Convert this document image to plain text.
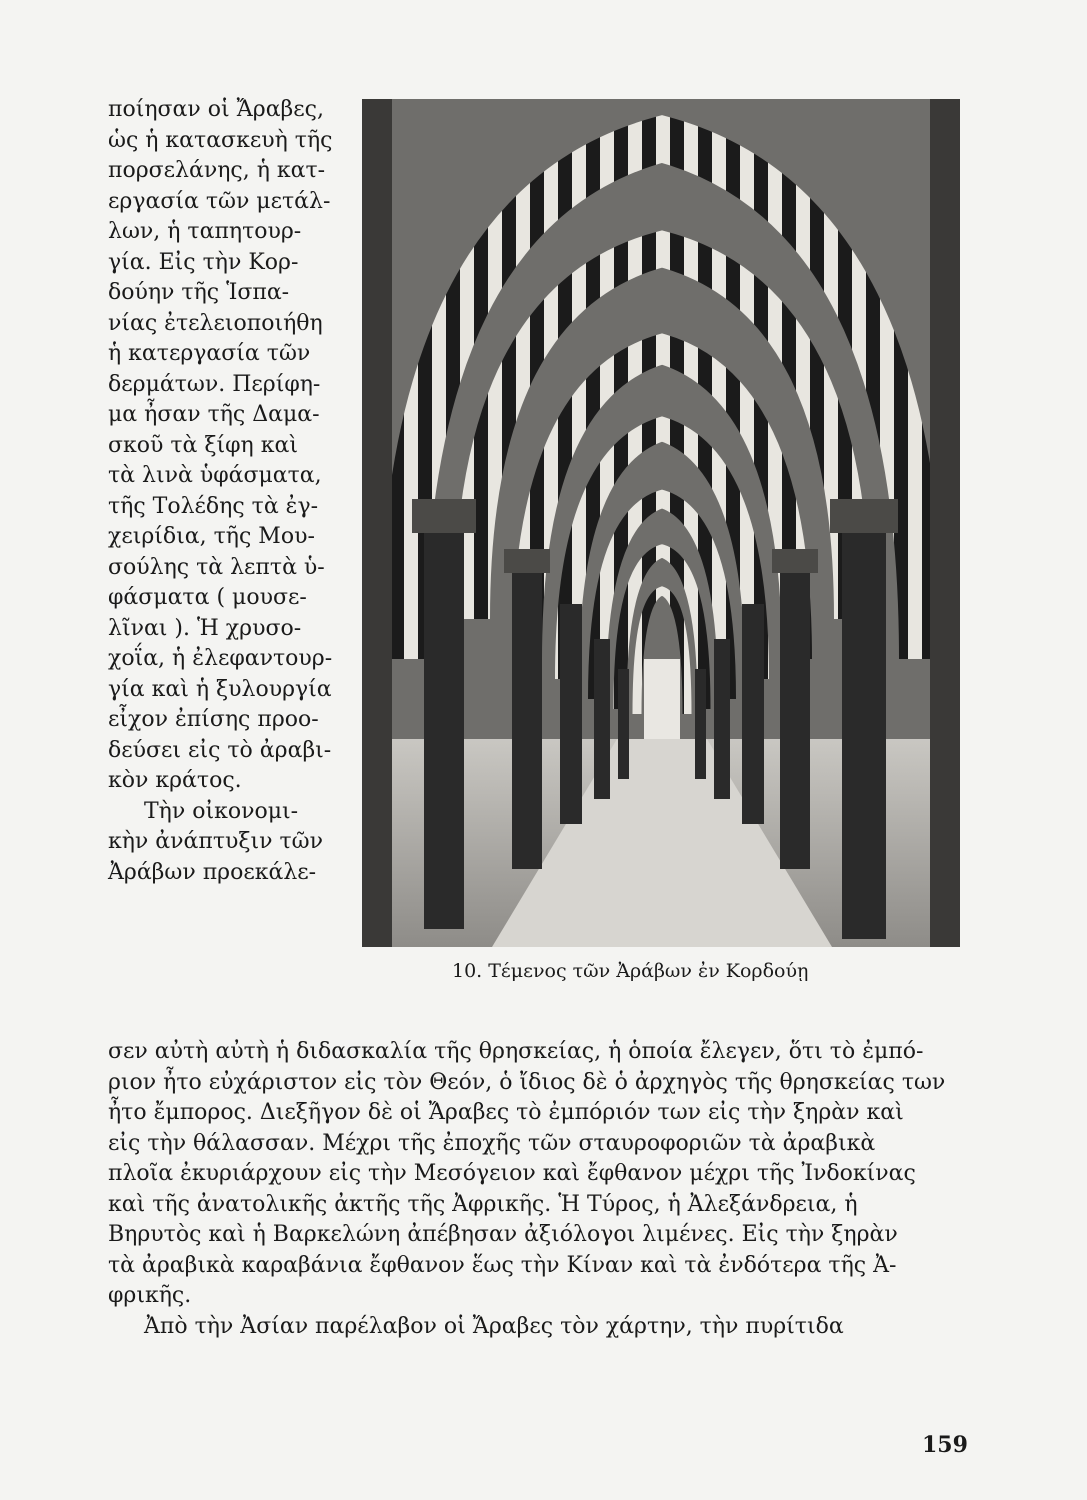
ποίησαν οἱ Ἄραβες,
ὡς ἡ κατασκευὴ τῆς
πορσελάνης, ἡ κατ-
εργασία τῶν μετάλ-
λων, ἡ ταπητουρ-
γία. Εἰς τὴν Κορ-
δούην τῆς Ἱσπα-
νίας ἐτελειοποιήθη
ἡ κατεργασία τῶν
δερμάτων. Περίφη-
μα ἦσαν τῆς Δαμα-
σκοῦ τὰ ξίφη καὶ
τὰ λινὰ ὑφάσματα,
τῆς Τολέδης τὰ ἐγ-
χειρίδια, τῆς Μου-
σούλης τὰ λεπτὰ ὑ-
φάσματα ( μουσε-
λῖναι ). Ἡ χρυσο-
χοΐα, ἡ ἐλεφαντουρ-
γία καὶ ἡ ξυλουργία
εἶχον ἐπίσης προο-
δεύσει εἰς τὸ ἀραβι-
κὸν κράτος.
Τὴν οἰκονομι-
κὴν ἀνάπτυξιν τῶν
Ἀράβων προεκάλε-
10. Τέμενος τῶν Ἀράβων ἐν Κορδούῃ
σεν αὐτὴ αὐτὴ ἡ διδασκαλία τῆς θρησκείας, ἡ ὁποία ἔλεγεν, ὅτι τὸ ἐμπό-
ριον ἦτο εὐχάριστον εἰς τὸν Θεόν, ὁ ἴδιος δὲ ὁ ἀρχηγὸς τῆς θρησκείας των
ἦτο ἔμπορος. Διεξῆγον δὲ οἱ Ἄραβες τὸ ἐμπόριόν των εἰς τὴν ξηρὰν καὶ
εἰς τὴν θάλασσαν. Μέχρι τῆς ἐποχῆς τῶν σταυροφοριῶν τὰ ἀραβικὰ
πλοῖα ἐκυριάρχουν εἰς τὴν Μεσόγειον καὶ ἔφθανον μέχρι τῆς Ἰνδοκίνας
καὶ τῆς ἀνατολικῆς ἀκτῆς τῆς Ἀφρικῆς. Ἡ Τύρος, ἡ Ἀλεξάνδρεια, ἡ
Βηρυτὸς καὶ ἡ Βαρκελώνη ἀπέβησαν ἀξιόλογοι λιμένες. Εἰς τὴν ξηρὰν
τὰ ἀραβικὰ καραβάνια ἔφθανον ἕως τὴν Κίναν καὶ τὰ ἐνδότερα τῆς Ἀ-
φρικῆς.
Ἀπὸ τὴν Ἀσίαν παρέλαβον οἱ Ἄραβες τὸν χάρτην, τὴν πυρίτιδα
159
